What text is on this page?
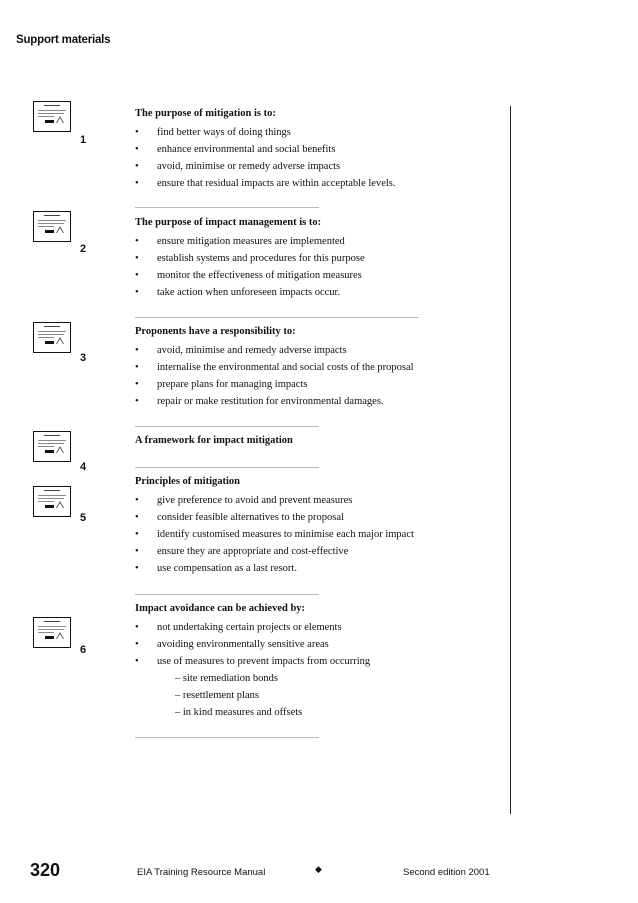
Support materials
1
2
3
4
5
6
The purpose of mitigation is to:
• find better ways of doing things
• enhance environmental and social benefits
• avoid, minimise or remedy adverse impacts
• ensure that residual impacts are within acceptable levels.
The purpose of impact management is to:
• ensure mitigation measures are implemented
• establish systems and procedures for this purpose
• monitor the effectiveness of mitigation measures
• take action when unforeseen impacts occur.
Proponents have a responsibility to:
• avoid, minimise and remedy adverse impacts
• internalise the environmental and social costs of the proposal
• prepare plans for managing impacts
• repair or make restitution for environmental damages.
A framework for impact mitigation
Principles of mitigation
• give preference to avoid and prevent measures
• consider feasible alternatives to the proposal
• identify customised measures to minimise each major impact
• ensure they are appropriate and cost-effective
• use compensation as a last resort.
Impact avoidance can be achieved by:
• not undertaking certain projects or elements
• avoiding environmentally sensitive areas
• use of measures to prevent impacts from occurring
– site remediation bonds
– resettlement plans
– in kind measures and offsets
320	EIA Training Resource Manual	◆	Second edition 2001
